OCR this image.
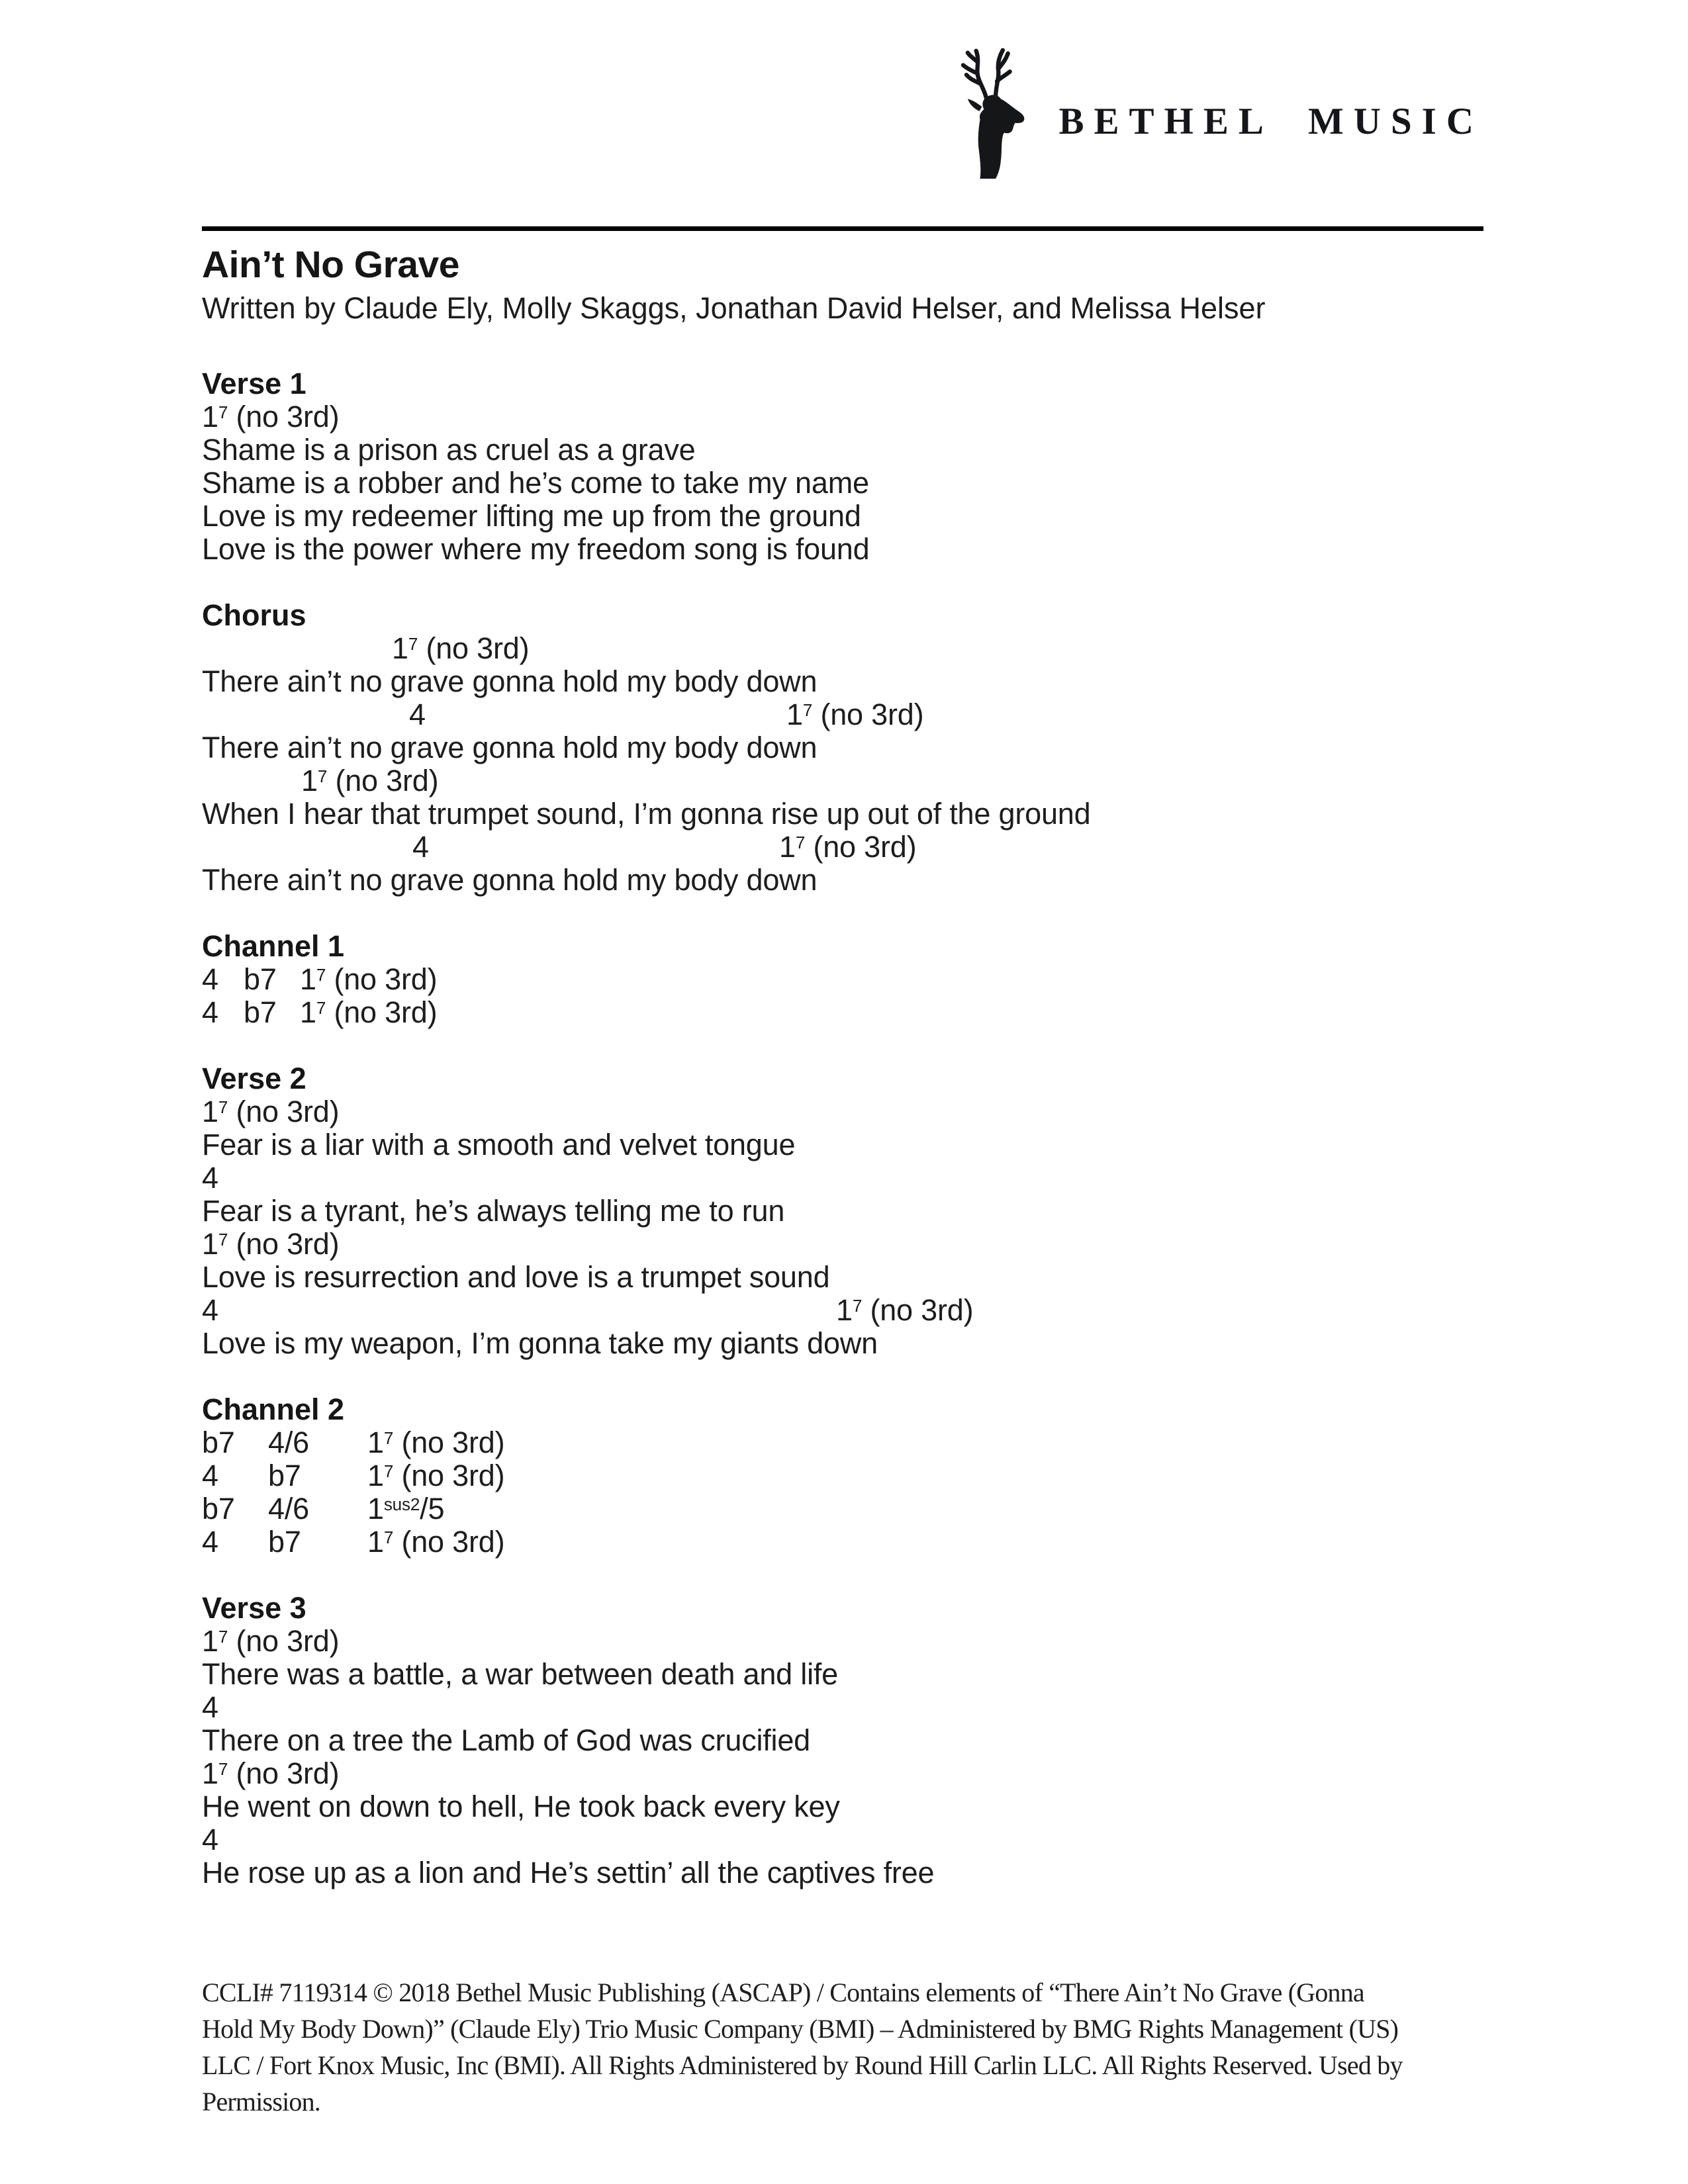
BETHEL MUSIC
Ain’t No Grave

Written by Claude Ely, Molly Skaggs, Jonathan David Helser, and Melissa Helser

Verse 1
$1^7$ (no 3rd)
Shame is a prison as cruel as a grave
Shame is a robber and he’s come to take my name
Love is my redeemer lifting me up from the ground
Love is the power where my freedom song is found
Chorus
$1^7$ (no 3rd)
There ain’t no grave gonna hold my body down
4	$1^7$ (no 3rd)
There ain’t no grave gonna hold my body down
$1^7$ (no 3rd)
When I hear that trumpet sound, I’m gonna rise up out of the ground
4	$1^7$ (no 3rd)
There ain’t no grave gonna hold my body down
Channel 1
4 b7 $1^7$ (no 3rd)
4 b7 $1^7$ (no 3rd)
Verse 2
$1^7$ (no 3rd)
Fear is a liar with a smooth and velvet tongue
4
Fear is a tyrant, he’s always telling me to run
$1^7$ (no 3rd)
Love is resurrection and love is a trumpet sound
4	$1^7$ (no 3rd)
Love is my weapon, I’m gonna take my giants down
Channel 2
b7 4/6 $1^7$ (no 3rd)
4 b7 $1^7$ (no 3rd)
b7 4/6 $1^{sus2}/5$
4 b7 $1^7$ (no 3rd)
Verse 3
$1^7$ (no 3rd)
There was a battle, a war between death and life
4
There on a tree the Lamb of God was crucified
$1^7$ (no 3rd)
He went on down to hell, He took back every key
4
He rose up as a lion and He’s settin’ all the captives free
CCLI# 7119314 © 2018 Bethel Music Publishing (ASCAP) / Contains elements of “There Ain’t No Grave (Gonna
Hold My Body Down)” (Claude Ely) Trio Music Company (BMI) – Administered by BMG Rights Management (US)
LLC / Fort Knox Music, Inc (BMI). All Rights Administered by Round Hill Carlin LLC. All Rights Reserved. Used by
Permission.
